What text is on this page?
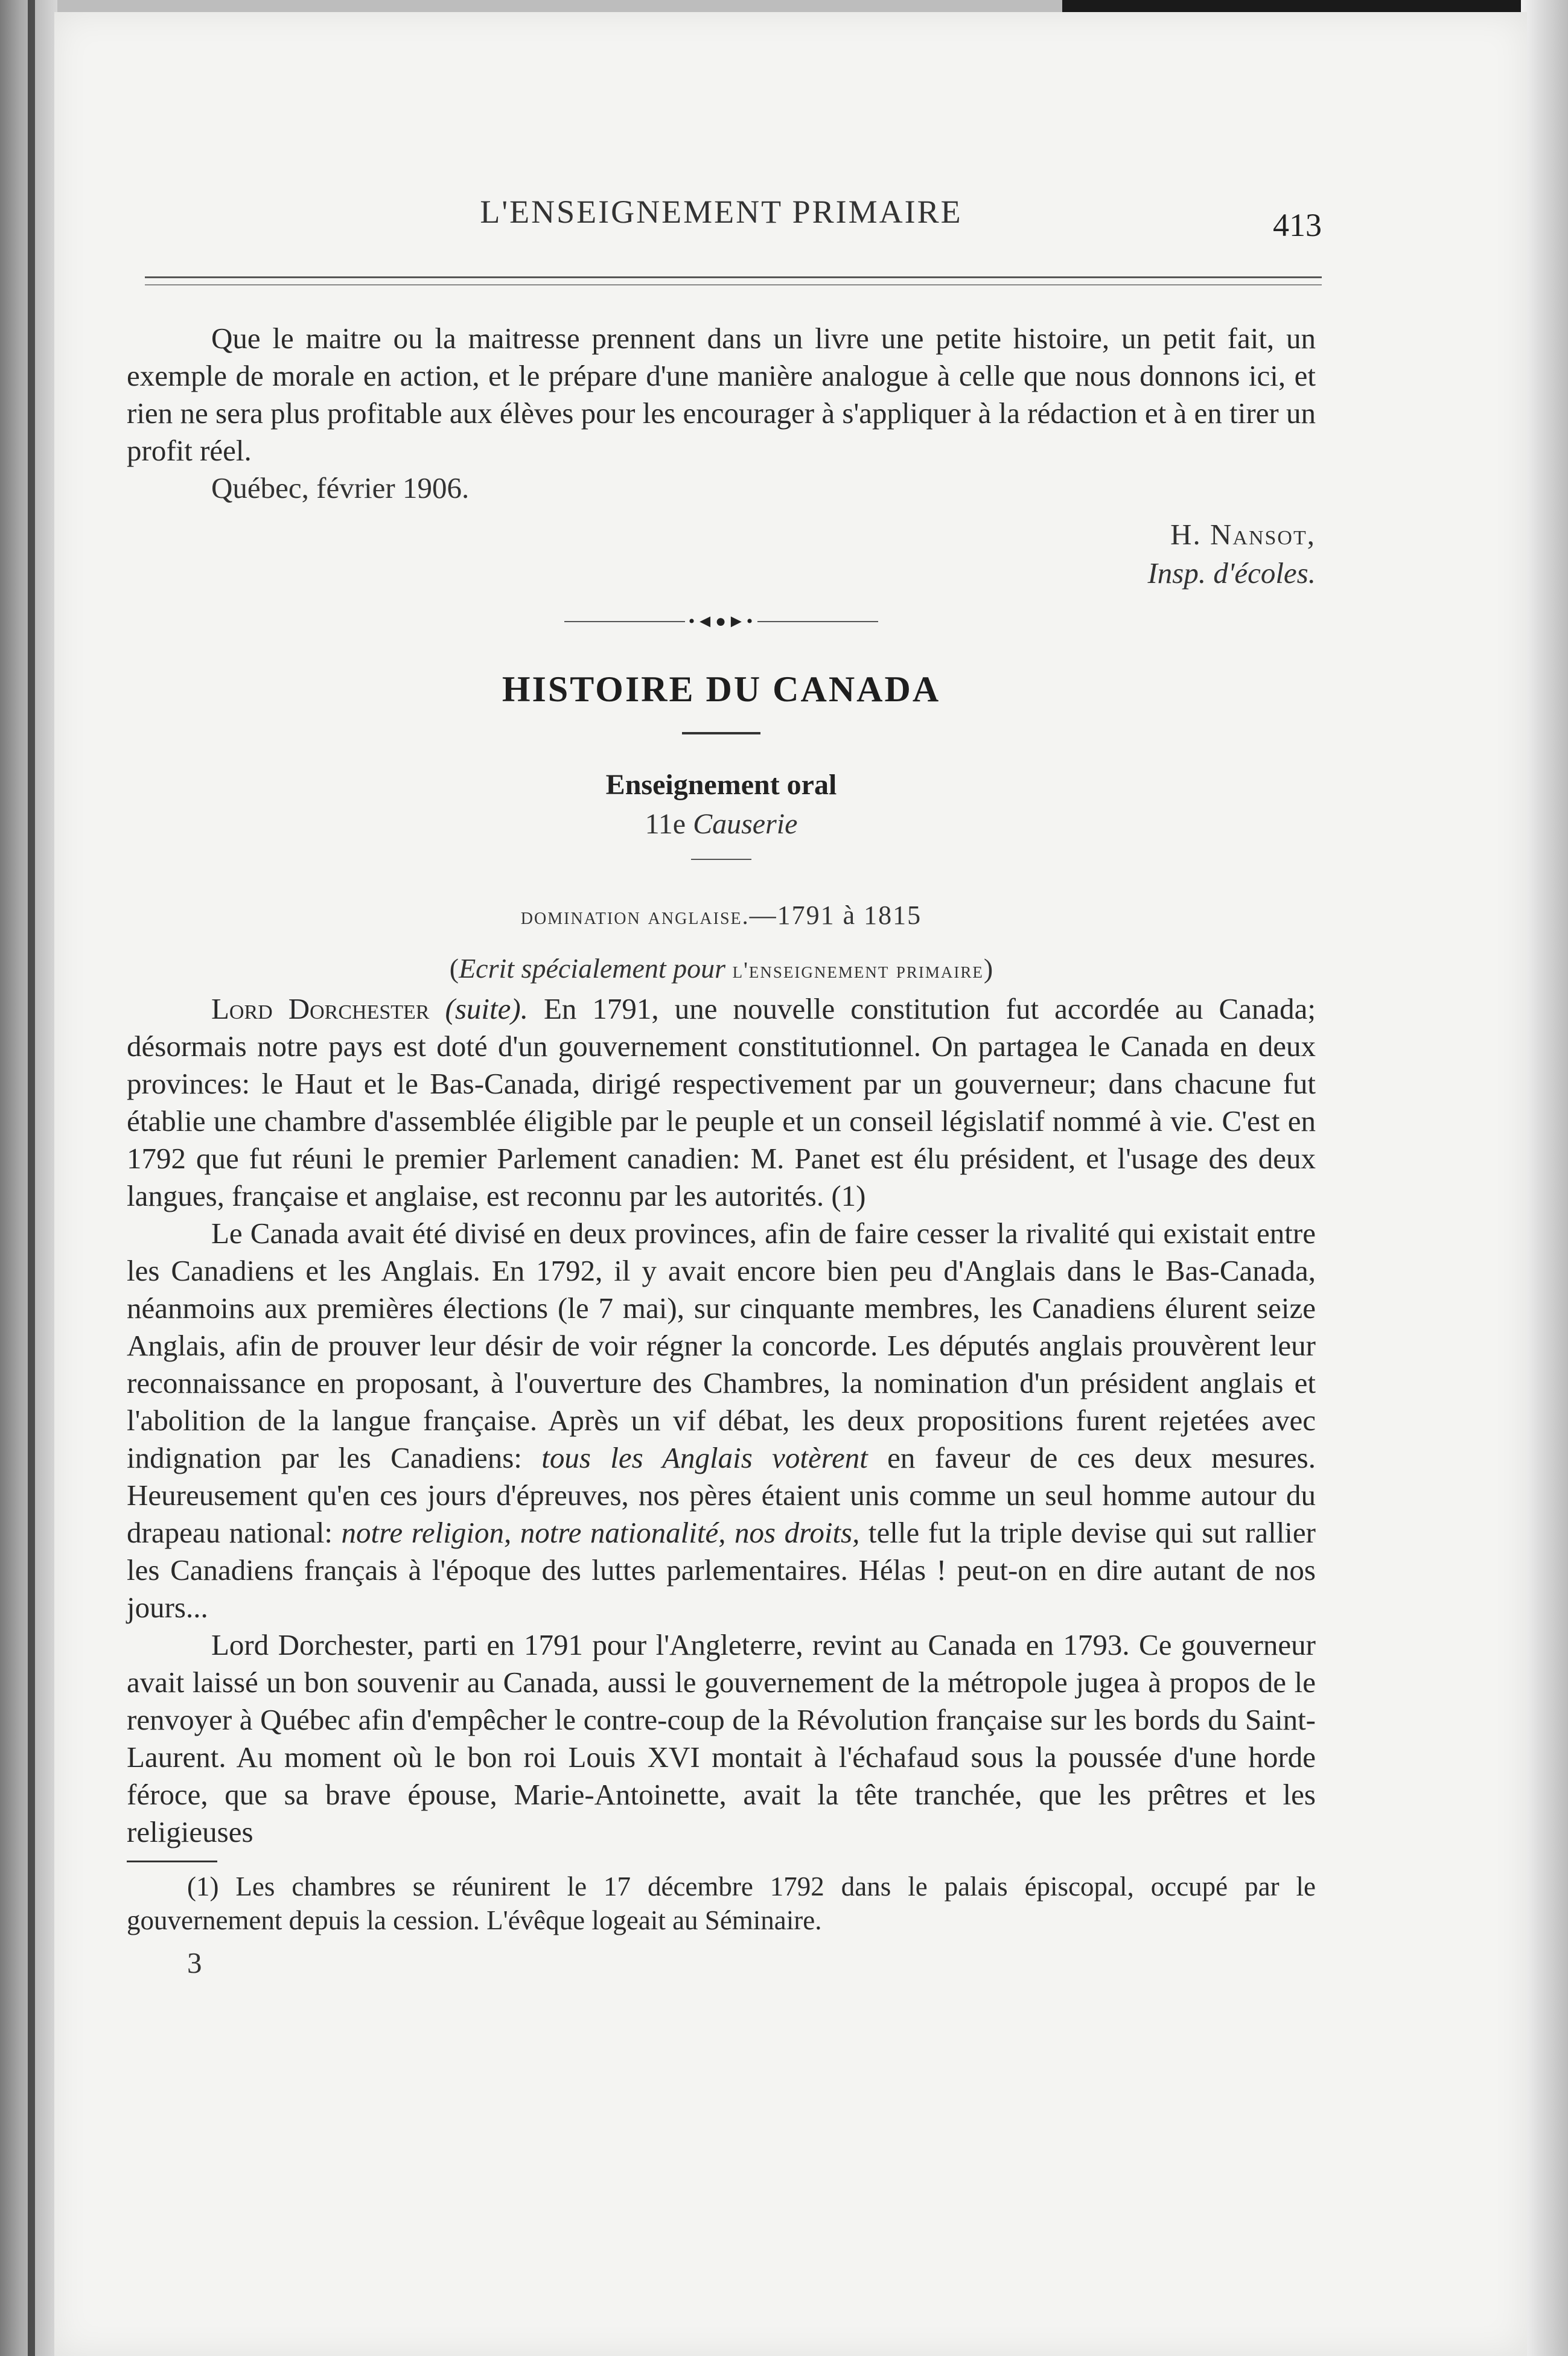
L'ENSEIGNEMENT PRIMAIRE	413

Que le maitre ou la maitresse prennent dans un livre une petite histoire, un petit fait, un exemple de morale en action, et le prépare d'une manière analogue à celle que nous donnons ici, et rien ne sera plus profitable aux élèves pour les encourager à s'appliquer à la rédaction et à en tirer un profit réel.

Québec, février 1906.

H. Nansot,
Insp. d'écoles.
•◄●►•
HISTOIRE DU CANADA
Enseignement oral
11e Causerie
domination anglaise.—1791 à 1815
(Ecrit spécialement pour l'enseignement primaire)

Lord Dorchester (suite). En 1791, une nouvelle constitution fut accordée au Canada; désormais notre pays est doté d'un gouvernement constitutionnel. On partagea le Canada en deux provinces: le Haut et le Bas-Canada, dirigé respectivement par un gouverneur; dans chacune fut établie une chambre d'assemblée éligible par le peuple et un conseil législatif nommé à vie. C'est en 1792 que fut réuni le premier Parlement canadien: M. Panet est élu président, et l'usage des deux langues, française et anglaise, est reconnu par les autorités. (1)

Le Canada avait été divisé en deux provinces, afin de faire cesser la rivalité qui existait entre les Canadiens et les Anglais. En 1792, il y avait encore bien peu d'Anglais dans le Bas-Canada, néanmoins aux premières élections (le 7 mai), sur cinquante membres, les Canadiens élurent seize Anglais, afin de prouver leur désir de voir régner la concorde. Les députés anglais prouvèrent leur reconnaissance en proposant, à l'ouverture des Chambres, la nomination d'un président anglais et l'abolition de la langue française. Après un vif débat, les deux propositions furent rejetées avec indignation par les Canadiens: tous les Anglais votèrent en faveur de ces deux mesures. Heureusement qu'en ces jours d'épreuves, nos pères étaient unis comme un seul homme autour du drapeau national: notre religion, notre nationalité, nos droits, telle fut la triple devise qui sut rallier les Canadiens français à l'époque des luttes parlementaires. Hélas ! peut-on en dire autant de nos jours...

Lord Dorchester, parti en 1791 pour l'Angleterre, revint au Canada en 1793. Ce gouverneur avait laissé un bon souvenir au Canada, aussi le gouvernement de la métropole jugea à propos de le renvoyer à Québec afin d'empêcher le contre-coup de la Révolution française sur les bords du Saint-Laurent. Au moment où le bon roi Louis XVI montait à l'échafaud sous la poussée d'une horde féroce, que sa brave épouse, Marie-Antoinette, avait la tête tranchée, que les prêtres et les religieuses

(1) Les chambres se réunirent le 17 décembre 1792 dans le palais épiscopal, occupé par le gouvernement depuis la cession. L'évêque logeait au Séminaire.

3
